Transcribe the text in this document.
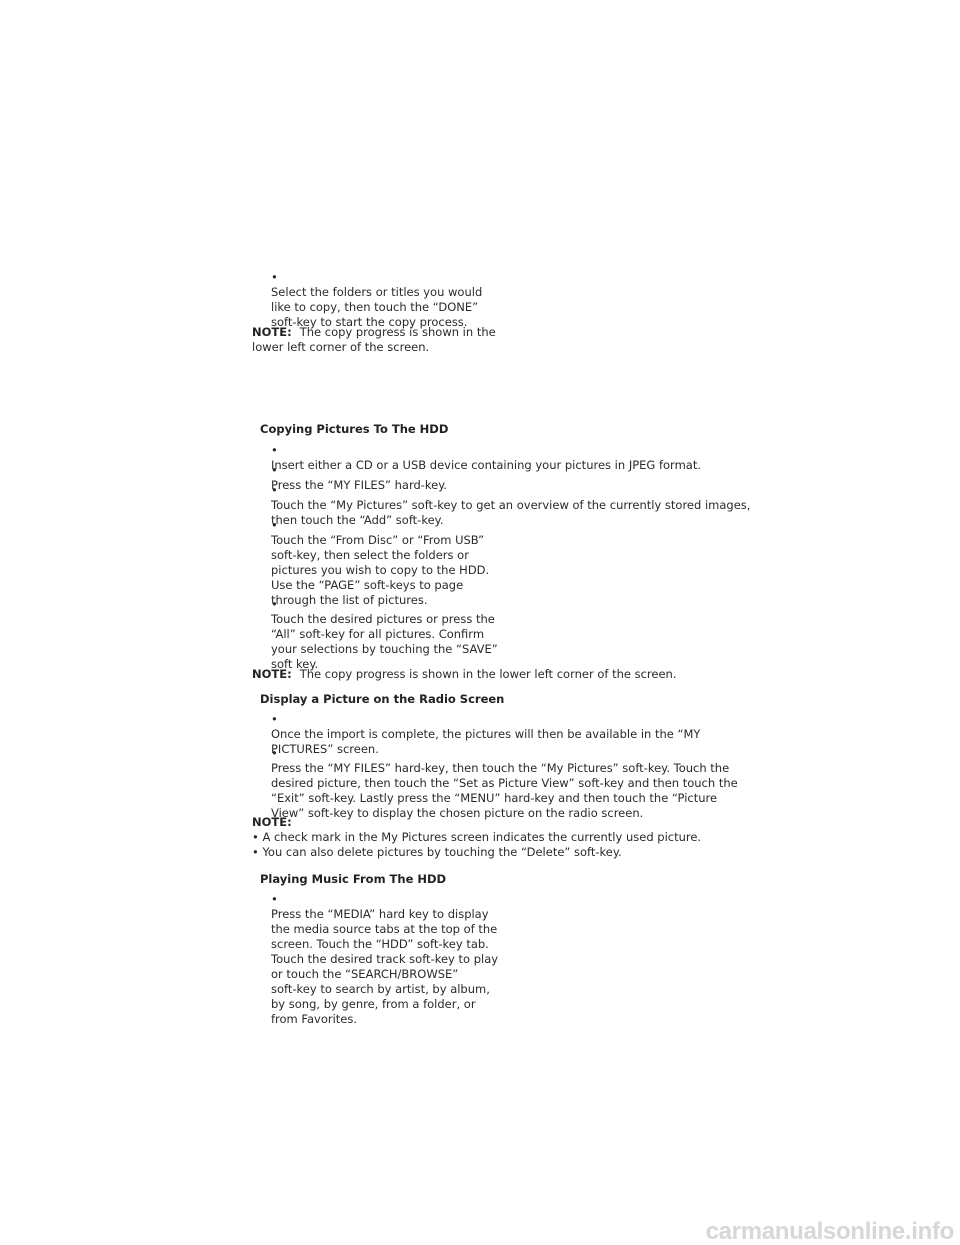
•  Select the folders or titles you would
like to copy, then touch the “DONE”
soft-key to start the copy process.
NOTE: The copy progress is shown in the
lower left corner of the screen.
Copying Pictures To The HDD
•  Insert either a CD or a USB device containing your pictures in JPEG format.
•  Press the “MY FILES” hard-key.
•  Touch the “My Pictures” soft-key to get an overview of the currently stored images,
then touch the “Add” soft-key.
•  Touch the “From Disc” or “From USB”
soft-key, then select the folders or
pictures you wish to copy to the HDD.
Use the “PAGE” soft-keys to page
through the list of pictures.
•  Touch the desired pictures or press the
“All” soft-key for all pictures. Confirm
your selections by touching the “SAVE”
soft key.
NOTE: The copy progress is shown in the lower left corner of the screen.
Display a Picture on the Radio Screen
•  Once the import is complete, the pictures will then be available in the “MY
PICTURES” screen.
•  Press the “MY FILES” hard-key, then touch the “My Pictures” soft-key. Touch the
desired picture, then touch the “Set as Picture View” soft-key and then touch the
“Exit” soft-key. Lastly press the “MENU” hard-key and then touch the “Picture
View” soft-key to display the chosen picture on the radio screen.
NOTE:
• A check mark in the My Pictures screen indicates the currently used picture.
• You can also delete pictures by touching the “Delete” soft-key.
Playing Music From The HDD
•  Press the “MEDIA” hard key to display
the media source tabs at the top of the
screen. Touch the “HDD” soft-key tab.
Touch the desired track soft-key to play
or touch the “SEARCH/BROWSE”
soft-key to search by artist, by album,
by song, by genre, from a folder, or
from Favorites.
carmanualsonline.info
